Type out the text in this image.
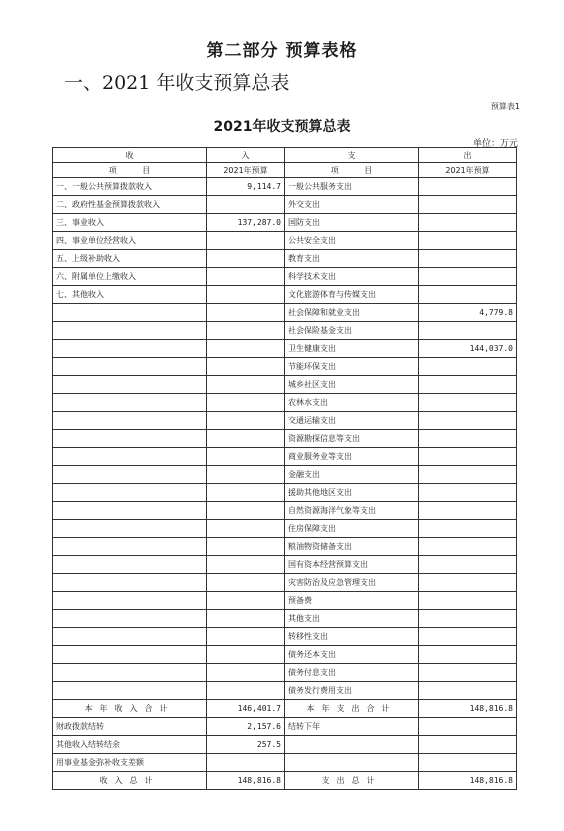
第二部分 预算表格
一、2021 年收支预算总表
预算表1
2021年收支预算总表
单位：万元
收	入	支	出
项          目	2021年预算	项          目	2021年预算
一、一般公共预算拨款收入	9,114.7	一般公共服务支出	
二、政府性基金预算拨款收入		外交支出	
三、事业收入	137,287.0	国防支出	
四、事业单位经营收入		公共安全支出	
五、上级补助收入		教育支出	
六、附属单位上缴收入		科学技术支出	
七、其他收入		文化旅游体育与传媒支出	
		社会保障和就业支出	4,779.8
		社会保险基金支出	
		卫生健康支出	144,037.0
		节能环保支出	
		城乡社区支出	
		农林水支出	
		交通运输支出	
		资源勘探信息等支出	
		商业服务业等支出	
		金融支出	
		援助其他地区支出	
		自然资源海洋气象等支出	
		住房保障支出	
		粮油物资储备支出	
		国有资本经营预算支出	
		灾害防治及应急管理支出	
		预备费	
		其他支出	
		转移性支出	
		债务还本支出	
		债务付息支出	
		债务发行费用支出	
本年收入合计	146,401.7	本年支出合计	148,816.8
财政拨款结转	2,157.6	结转下年	
其他收入结转结余	257.5		
用事业基金弥补收支差额			
收入总计	148,816.8	支出总计	148,816.8
